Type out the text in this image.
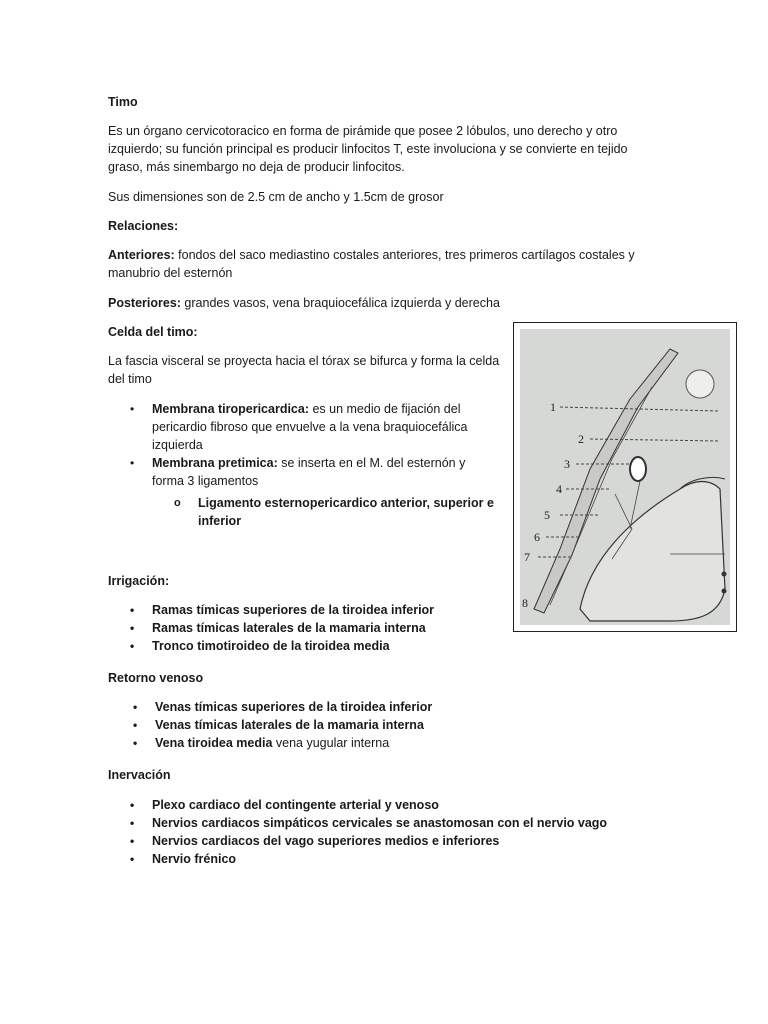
Timo

Es un órgano cervicotoracico en forma de pirámide que posee 2 lóbulos, uno derecho y otro izquierdo; su función principal es producir linfocitos T, este involuciona y se convierte en tejido graso, más sinembargo no deja de producir linfocitos.

Sus dimensiones son de 2.5 cm de ancho y 1.5cm de grosor

Relaciones:

Anteriores: fondos del saco mediastino costales anteriores, tres primeros cartílagos costales y manubrio del esternón

Posteriores: grandes vasos, vena braquiocefálica izquierda y derecha

Celda del timo:

La fascia visceral se proyecta hacia el tórax se bifurca y forma la celda del timo

• Membrana tiropericardica: es un medio de fijación del pericardio fibroso que envuelve a la vena braquiocefálica izquierda
• Membrana pretimica: se inserta en el M. del esternón y forma 3 ligamentos
o Ligamento esternopericardico anterior, superior e inferior

Irrigación:

• Ramas tímicas superiores de la tiroidea inferior
• Ramas tímicas laterales de la mamaria interna
• Tronco timotiroideo de la tiroidea media

Retorno venoso

• Venas tímicas superiores de la tiroidea inferior
• Venas tímicas laterales de la mamaria interna
• Vena tiroidea media vena yugular interna

Inervación

• Plexo cardiaco del contingente arterial y venoso
• Nervios cardiacos simpáticos cervicales se anastomosan con el nervio vago
• Nervios cardiacos del vago superiores medios e inferiores
• Nervio frénico
1
2
3
4
5
6
7
8
